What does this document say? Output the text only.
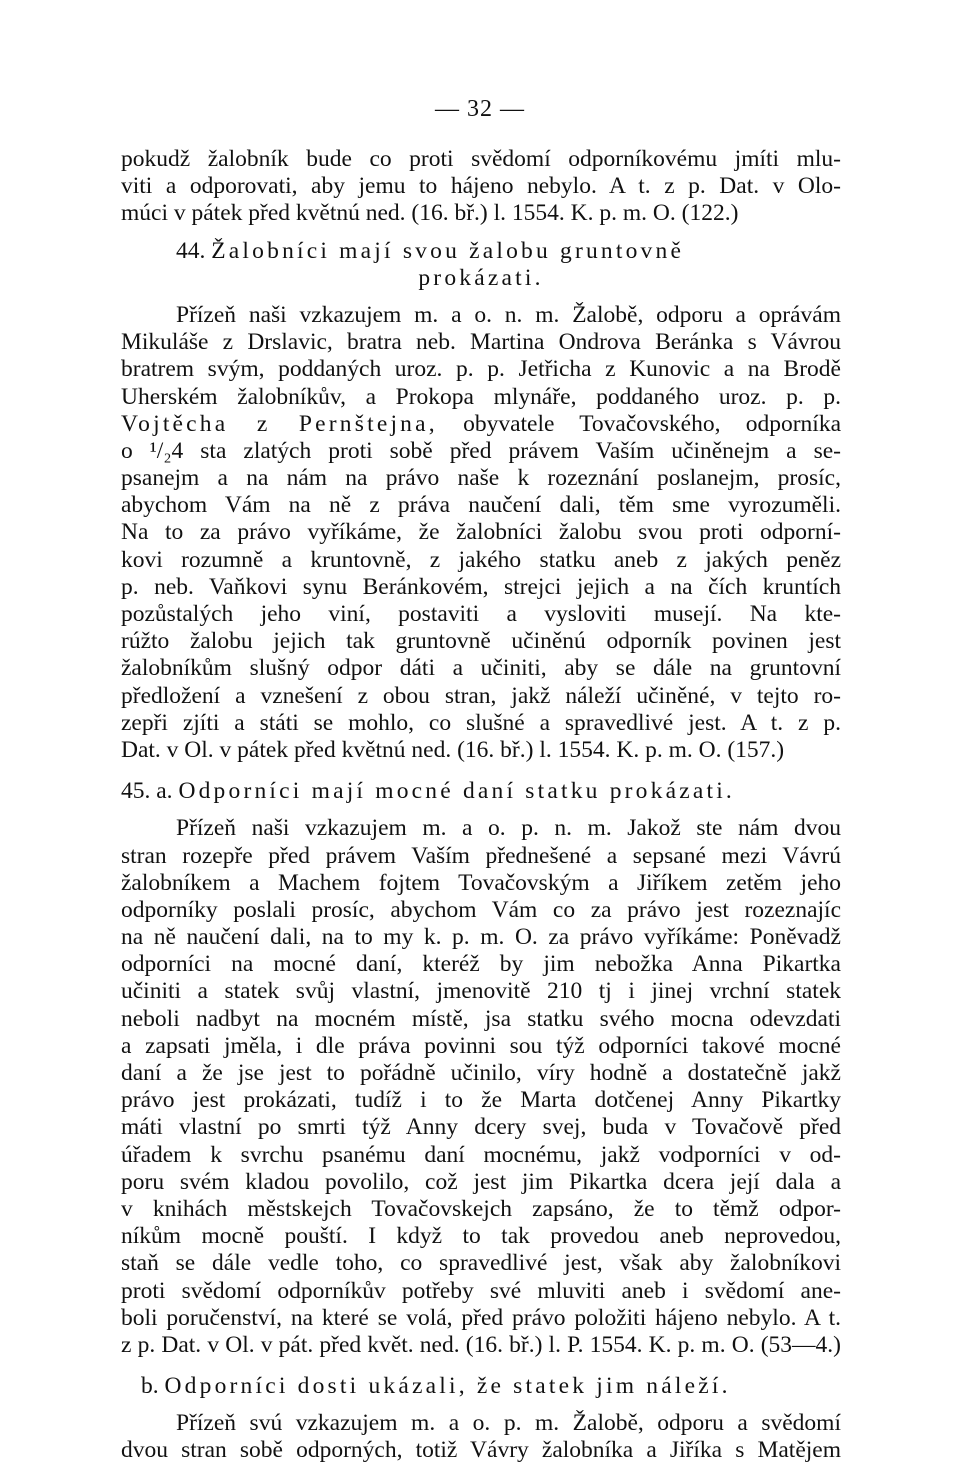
— 32 —
pokudž žalobník bude co proti svědomí odporníkovému jmíti mlu-
viti a odporovati, aby jemu to hájeno nebylo. A t. z p. Dat. v Olo-
múci v pátek před květnú ned. (16. bř.) l. 1554. K. p. m. O. (122.)
44. Žalobníci mají svou žalobu gruntovně
prokázati.
Přízeň naši vzkazujem m. a o. n. m. Žalobě, odporu a oprávám
Mikuláše z Drslavic, bratra neb. Martina Ondrova Beránka s Vávrou
bratrem svým, poddaných uroz. p. p. Jetřicha z Kunovic a na Brodě
Uherském žalobníkův, a Prokopa mlynáře, poddaného uroz. p. p.
Vojtěcha z Pernštejna, obyvatele Tovačovského, odporníka
o ¹/₂4 sta zlatých proti sobě před právem Vaším učiněnejm a se-
psanejm a na nám na právo naše k rozeznání poslanejm, prosíc,
abychom Vám na ně z práva naučení dali, těm sme vyrozuměli.
Na to za právo vyříkáme, že žalobníci žalobu svou proti odporní-
kovi rozumně a kruntovně, z jakého statku aneb z jakých peněz
p. neb. Vaňkovi synu Beránkovém, strejci jejich a na čích kruntích
pozůstalých jeho viní, postaviti a vysloviti musejí. Na kte-
rúžto žalobu jejich tak gruntovně učiněnú odporník povinen jest
žalobníkům slušný odpor dáti a učiniti, aby se dále na gruntovní
předložení a vznešení z obou stran, jakž náleží učiněné, v tejto ro-
zepři zjíti a státi se mohlo, co slušné a spravedlivé jest. A t. z p.
Dat. v Ol. v pátek před květnú ned. (16. bř.) l. 1554. K. p. m. O. (157.)
45. a. Odporníci mají mocné daní statku prokázati.
Přízeň naši vzkazujem m. a o. p. n. m. Jakož ste nám dvou
stran rozepře před právem Vaším přednešené a sepsané mezi Vávrú
žalobníkem a Machem fojtem Tovačovským a Jiříkem zetěm jeho
odporníky poslali prosíc, abychom Vám co za právo jest rozeznajíc
na ně naučení dali, na to my k. p. m. O. za právo vyříkáme: Poněvadž
odporníci na mocné daní, kteréž by jim nebožka Anna Pikartka
učiniti a statek svůj vlastní, jmenovitě 210 tj i jinej vrchní statek
neboli nadbyt na mocném místě, jsa statku svého mocna odevzdati
a zapsati jměla, i dle práva povinni sou týž odporníci takové mocné
daní a že jse jest to pořádně učinilo, víry hodně a dostatečně jakž
právo jest prokázati, tudíž i to že Marta dotčenej Anny Pikartky
máti vlastní po smrti týž Anny dcery svej, buda v Tovačově před
úřadem k svrchu psanému daní mocnému, jakž vodporníci v od-
poru svém kladou povolilo, což jest jim Pikartka dcera její dala a
v knihách městskejch Tovačovskejch zapsáno, že to těmž odpor-
níkům mocně pouští. I když to tak provedou aneb neprovedou,
staň se dále vedle toho, co spravedlivé jest, však aby žalobníkovi
proti svědomí odporníkův potřeby své mluviti aneb i svědomí ane-
boli poručenství, na které se volá, před právo položiti hájeno nebylo. A t.
z p. Dat. v Ol. v pát. před květ. ned. (16. bř.) l. P. 1554. K. p. m. O. (53—4.)
b. Odporníci dosti ukázali, že statek jim náleží.
Přízeň svú vzkazujem m. a o. p. m. Žalobě, odporu a svědomí
dvou stran sobě odporných, totiž Vávry žalobníka a Jiříka s Matějem
